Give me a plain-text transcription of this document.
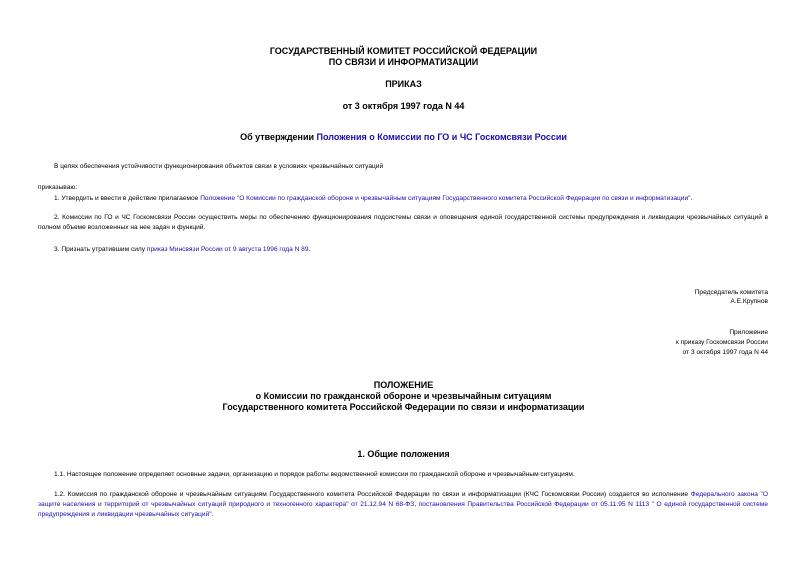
ГОСУДАРСТВЕННЫЙ КОМИТЕТ РОССИЙСКОЙ ФЕДЕРАЦИИ
ПО СВЯЗИ И ИНФОРМАТИЗАЦИИ
ПРИКАЗ
от 3 октября 1997 года N 44
Об утверждении Положения о Комиссии по ГО и ЧС Госкомсвязи России
В целях обеспечения устойчивости функционирования объектов связи в условиях чрезвычайных ситуаций
приказываю:
1. Утвердить и ввести в действие прилагаемое Положение "О Комиссии по гражданской обороне и чрезвычайным ситуациям Государственного комитета Российской Федерации по связи и информатизации".
2. Комиссии по ГО и ЧС Госкомсвязи России осуществить меры по обеспечению функционирования подсистемы связи и оповещения единой государственной системы предупреждения и ликвидации чрезвычайных ситуаций в полном объеме возложенных на нее задач и функций.
3. Признать утратившим силу приказ Минсвязи России от 9 августа 1996 года N 89.
Председатель комитета
А.Е.Крупнов
Приложение
к приказу Госкомсвязи России
от 3 октября 1997 года N 44
ПОЛОЖЕНИЕ
о Комиссии по гражданской обороне и чрезвычайным ситуациям
Государственного комитета Российской Федерации по связи и информатизации
1. Общие положения
1.1. Настоящее положение определяет основные задачи, организацию и порядок работы ведомственной комиссии по гражданской обороне и чрезвычайным ситуациям.
1.2. Комиссия по гражданской обороне и чрезвычайным ситуациям Государственного комитета Российской Федерации по связи и информатизации (КЧС Госкомсвязи России) создается во исполнение Федерального закона "О защите населения и территорий от чрезвычайных ситуаций природного и техногенного характера" от 21.12.94 N 68-ФЗ, постановления Правительства Российской Федерации от 05.11.95 N 1113 " О единой государственной системе предупреждения и ликвидации чрезвычайных ситуаций".
